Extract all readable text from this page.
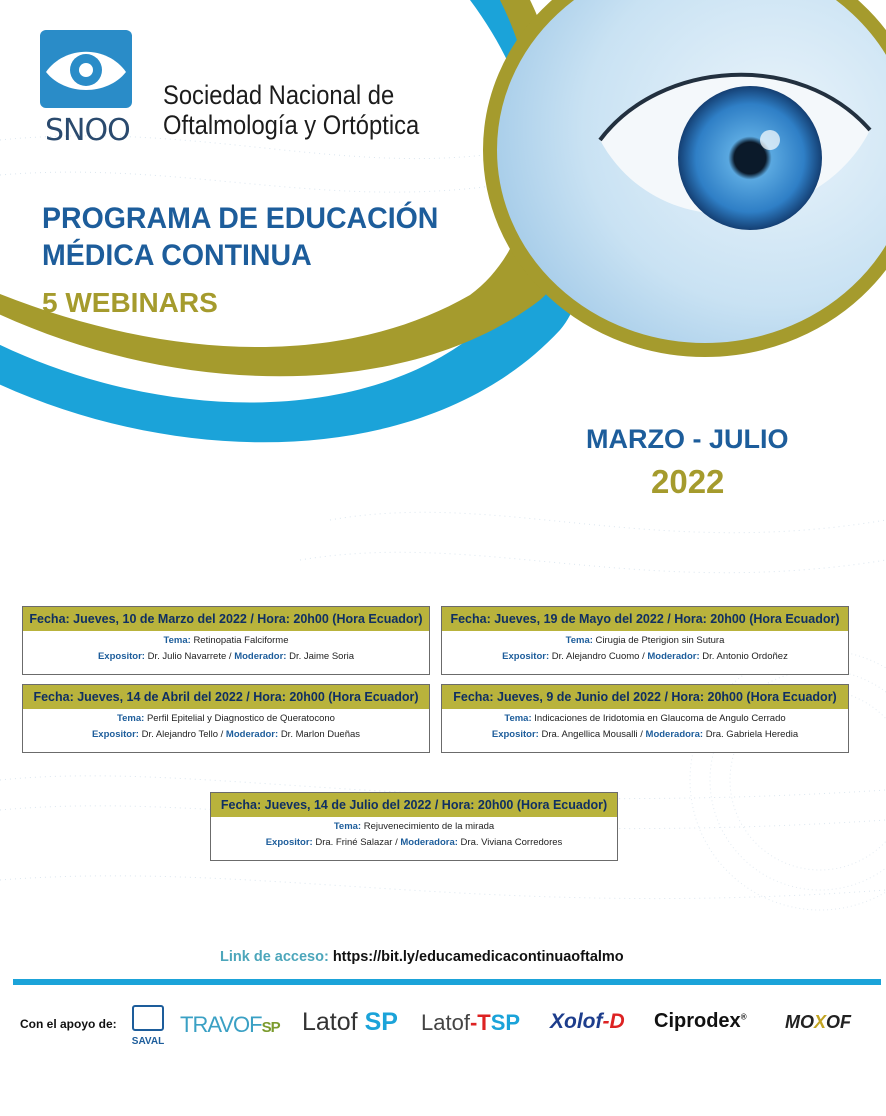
SNOO
Sociedad Nacional de
Oftalmología y Ortóptica
PROGRAMA DE EDUCACIÓN
MÉDICA CONTINUA
5 WEBINARS
MARZO - JULIO
2022
Fecha: Jueves, 10 de Marzo del 2022 / Hora: 20h00 (Hora Ecuador)
Tema: Retinopatia Falciforme
Expositor: Dr. Julio Navarrete / Moderador: Dr. Jaime Soria
Fecha: Jueves, 19 de Mayo del 2022 / Hora: 20h00 (Hora Ecuador)
Tema: Cirugia de Pterigion sin Sutura
Expositor: Dr. Alejandro Cuomo / Moderador: Dr. Antonio Ordoñez
Fecha: Jueves, 14 de Abril del 2022 / Hora: 20h00 (Hora Ecuador)
Tema: Perfil Epitelial y Diagnostico de Queratocono
Expositor: Dr. Alejandro Tello / Moderador: Dr. Marlon Dueñas
Fecha: Jueves, 9 de Junio del 2022 / Hora: 20h00 (Hora Ecuador)
Tema: Indicaciones de Iridotomia en Glaucoma de Angulo Cerrado
Expositor: Dra. Angellica Mousalli / Moderadora: Dra. Gabriela Heredia
Fecha: Jueves, 14 de Julio del 2022 / Hora: 20h00 (Hora Ecuador)
Tema: Rejuvenecimiento de la mirada
Expositor: Dra. Friné Salazar / Moderadora: Dra. Viviana Corredores
Link de acceso: https://bit.ly/educamedicacontinuaoftalmo
Con el apoyo de:
SAVAL
TRAVOFSP Latof SP Latof-TSP Xolof-D Ciprodex® MOXOF
